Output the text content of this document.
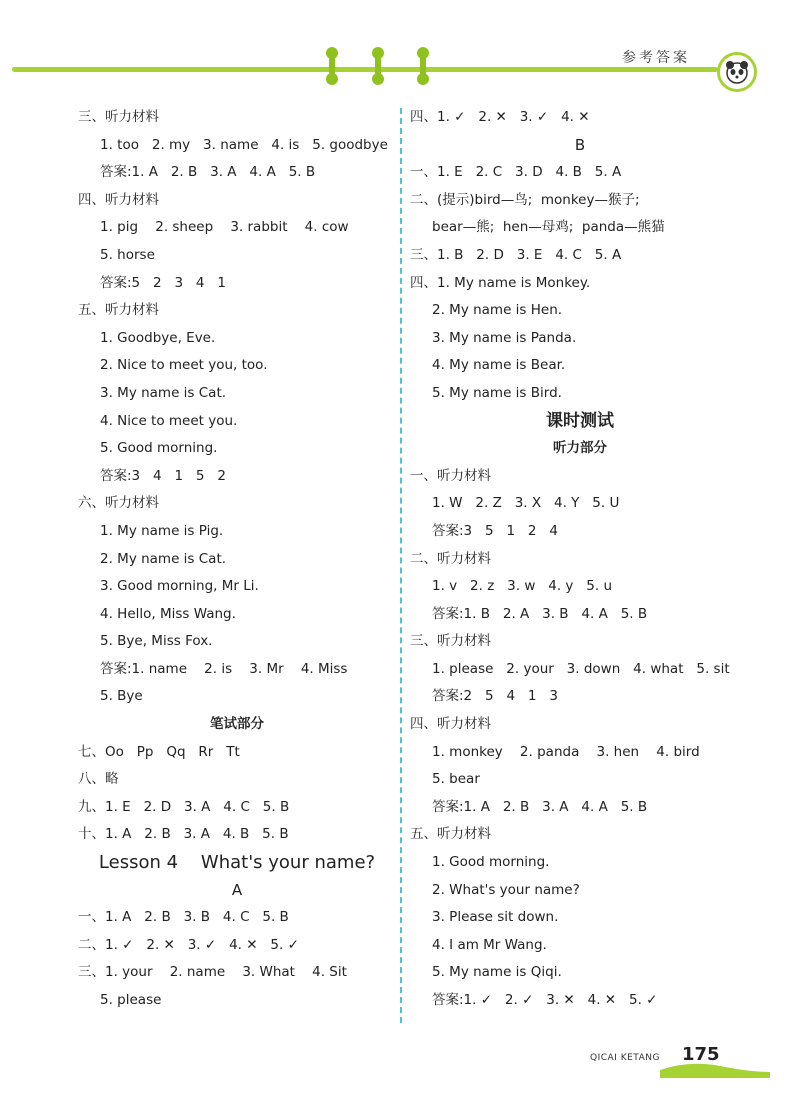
参考答案
三、听力材料
1. too   2. my   3. name   4. is   5. goodbye
答案:1. A   2. B   3. A   4. A   5. B
四、听力材料
1. pig    2. sheep    3. rabbit    4. cow
5. horse
答案:5   2   3   4   1
五、听力材料
1. Goodbye, Eve.
2. Nice to meet you, too.
3. My name is Cat.
4. Nice to meet you.
5. Good morning.
答案:3   4   1   5   2
六、听力材料
1. My name is Pig.
2. My name is Cat.
3. Good morning, Mr Li.
4. Hello, Miss Wang.
5. Bye, Miss Fox.
答案:1. name    2. is    3. Mr    4. Miss
5. Bye
笔试部分
七、Oo   Pp   Qq   Rr   Tt
八、略
九、1. E   2. D   3. A   4. C   5. B
十、1. A   2. B   3. A   4. B   5. B
Lesson 4    What's your name?
A
一、1. A   2. B   3. B   4. C   5. B
二、1. ✓   2. ✕   3. ✓   4. ✕   5. ✓
三、1. your    2. name    3. What    4. Sit
5. please
四、1. ✓   2. ✕   3. ✓   4. ✕
B
一、1. E   2. C   3. D   4. B   5. A
二、(提示)bird—鸟;  monkey—猴子;
bear—熊;  hen—母鸡;  panda—熊猫
三、1. B   2. D   3. E   4. C   5. A
四、1. My name is Monkey.
2. My name is Hen.
3. My name is Panda.
4. My name is Bear.
5. My name is Bird.
课时测试
听力部分
一、听力材料
1. W   2. Z   3. X   4. Y   5. U
答案:3   5   1   2   4
二、听力材料
1. v   2. z   3. w   4. y   5. u
答案:1. B   2. A   3. B   4. A   5. B
三、听力材料
1. please   2. your   3. down   4. what   5. sit
答案:2   5   4   1   3
四、听力材料
1. monkey    2. panda    3. hen    4. bird
5. bear
答案:1. A   2. B   3. A   4. A   5. B
五、听力材料
1. Good morning.
2. What's your name?
3. Please sit down.
4. I am Mr Wang.
5. My name is Qiqi.
答案:1. ✓   2. ✓   3. ✕   4. ✕   5. ✓
QICAI KETANG 175
